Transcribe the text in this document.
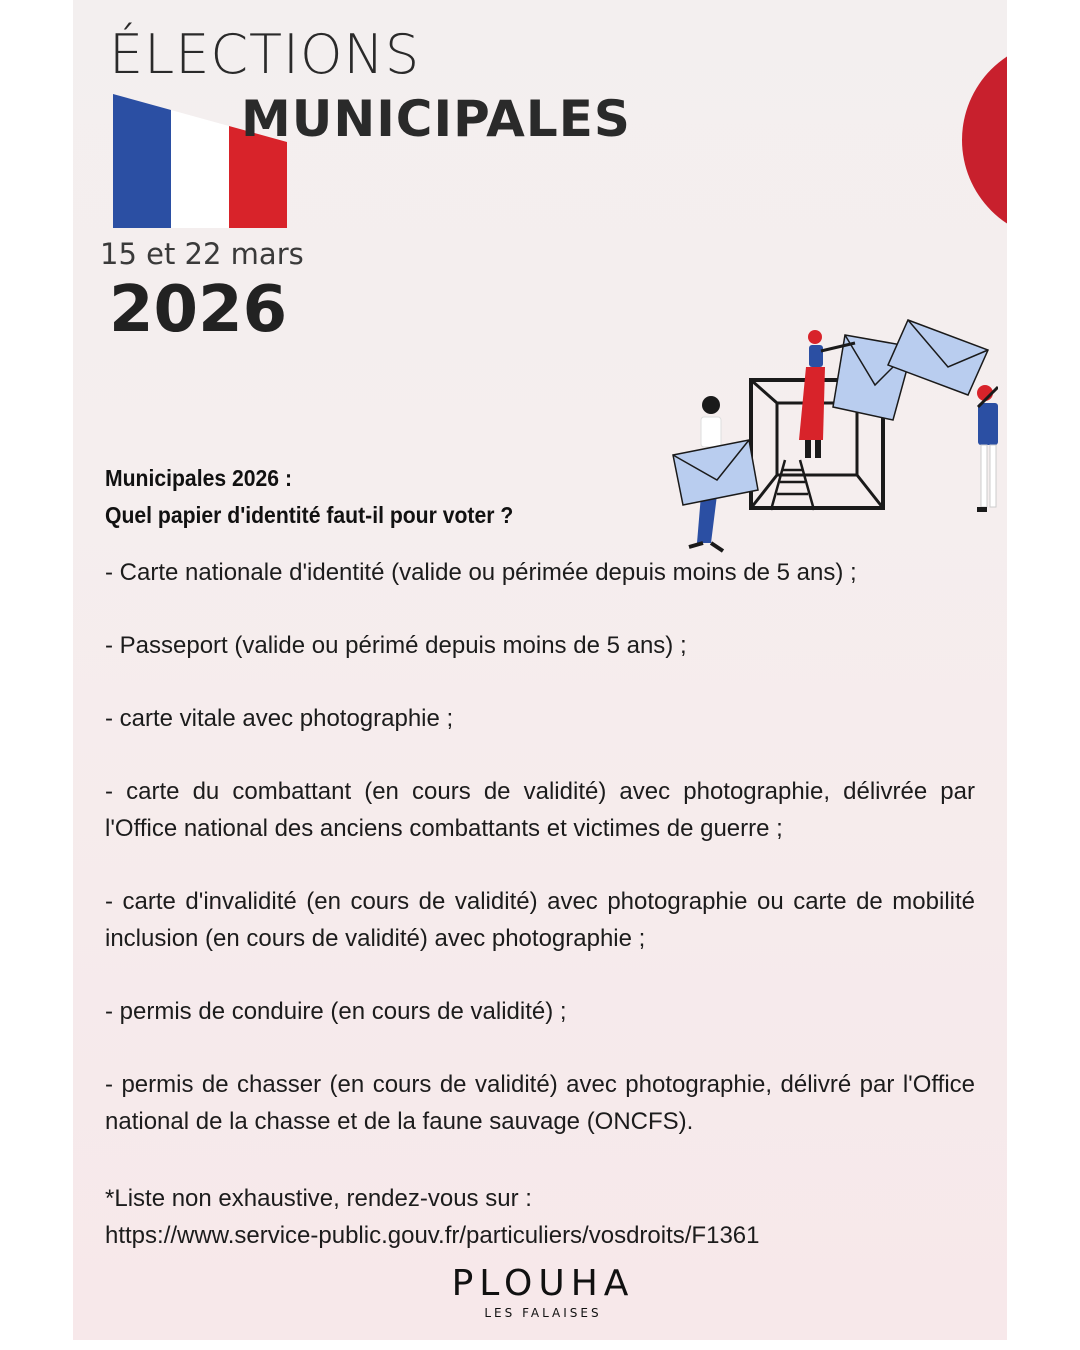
ÉLECTIONS
MUNICIPALES

15 et 22 mars

2026

Municipales 2026 :
Quel papier d'identité faut-il pour voter ?
- Carte nationale d'identité (valide ou périmée depuis moins de 5 ans) ;
- Passeport (valide ou périmé depuis moins de 5 ans) ;
- carte vitale avec photographie ;
- carte du combattant (en cours de validité) avec photographie, délivrée par l'Office national des anciens combattants et victimes de guerre ;
- carte d'invalidité (en cours de validité) avec photographie ou carte de mobilité inclusion (en cours de validité) avec photographie ;
- permis de conduire (en cours de validité) ;
- permis de chasser (en cours de validité) avec photographie, délivré par l'Office national de la chasse et de la faune sauvage (ONCFS).

*Liste non exhaustive, rendez-vous sur :
https://www.service-public.gouv.fr/particuliers/vosdroits/F1361

PLOUHA
LES FALAISES
